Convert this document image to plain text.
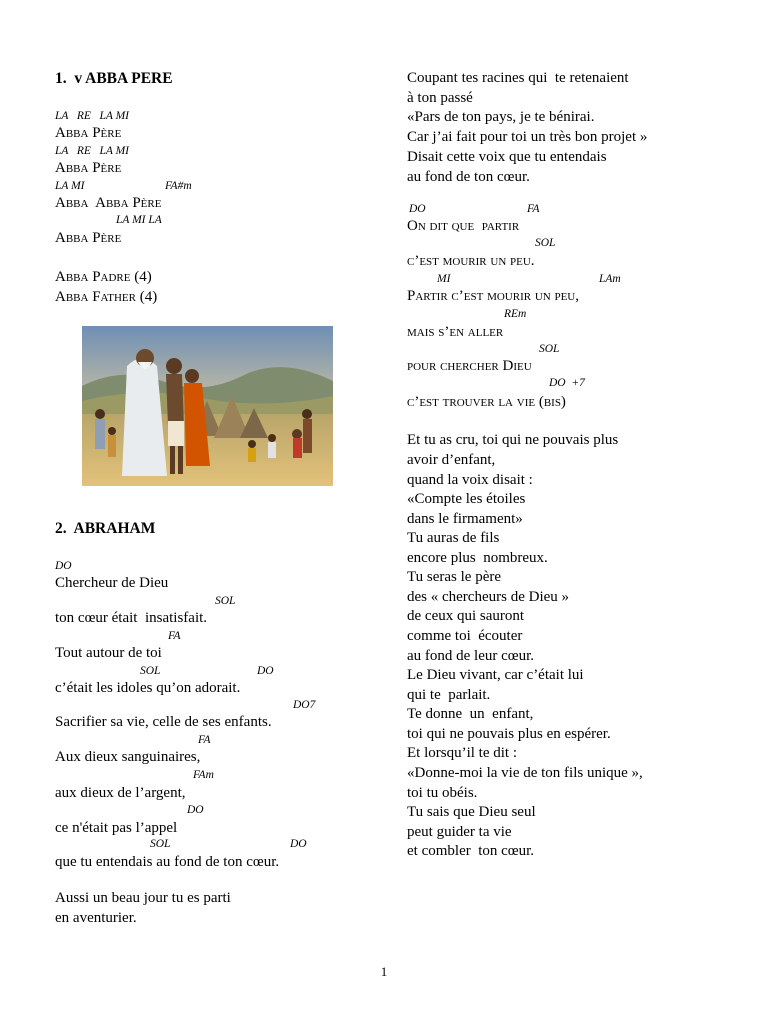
1.  v ABBA PERE
LA   RE   LA MI
Abba Père
LA   RE   LA MI
Abba Père
LA MI	FA#m
Abba  Abba Père
LA MI LA
Abba Père
Abba Padre (4)
Abba Father (4)
2.  ABRAHAM
DO
Chercheur de Dieu
SOL
ton cœur était  insatisfait.
FA
Tout autour de toi
SOL	DO
c’était les idoles qu’on adorait.
DO7
Sacrifier sa vie, celle de ses enfants.
FA
Aux dieux sanguinaires,
FAm
aux dieux de l’argent,
DO
ce n'était pas l’appel
SOL	DO
que tu entendais au fond de ton cœur.
Aussi un beau jour tu es parti
en aventurier.
Coupant tes racines qui  te retenaient
à ton passé
«Pars de ton pays, je te bénirai.
Car j’ai fait pour toi un très bon projet »
Disait cette voix que tu entendais
au fond de ton cœur.
DO	FA
On dit que  partir
SOL
c’est mourir un peu.
MI	LAm
Partir c’est mourir un peu,
REm
mais s’en aller
SOL
pour chercher Dieu
DO  +7
c’est trouver la vie (bis)
Et tu as cru, toi qui ne pouvais plus
avoir d’enfant,
quand la voix disait :
«Compte les étoiles
dans le firmament»
Tu auras de fils
encore plus  nombreux.
Tu seras le père
des « chercheurs de Dieu »
de ceux qui sauront
comme toi  écouter
au fond de leur cœur.
Le Dieu vivant, car c’était lui
qui te  parlait.
Te donne  un  enfant,
toi qui ne pouvais plus en espérer.
Et lorsqu’il te dit :
«Donne-moi la vie de ton fils unique »,
toi tu obéis.
Tu sais que Dieu seul
peut guider ta vie
et combler  ton cœur.
1
